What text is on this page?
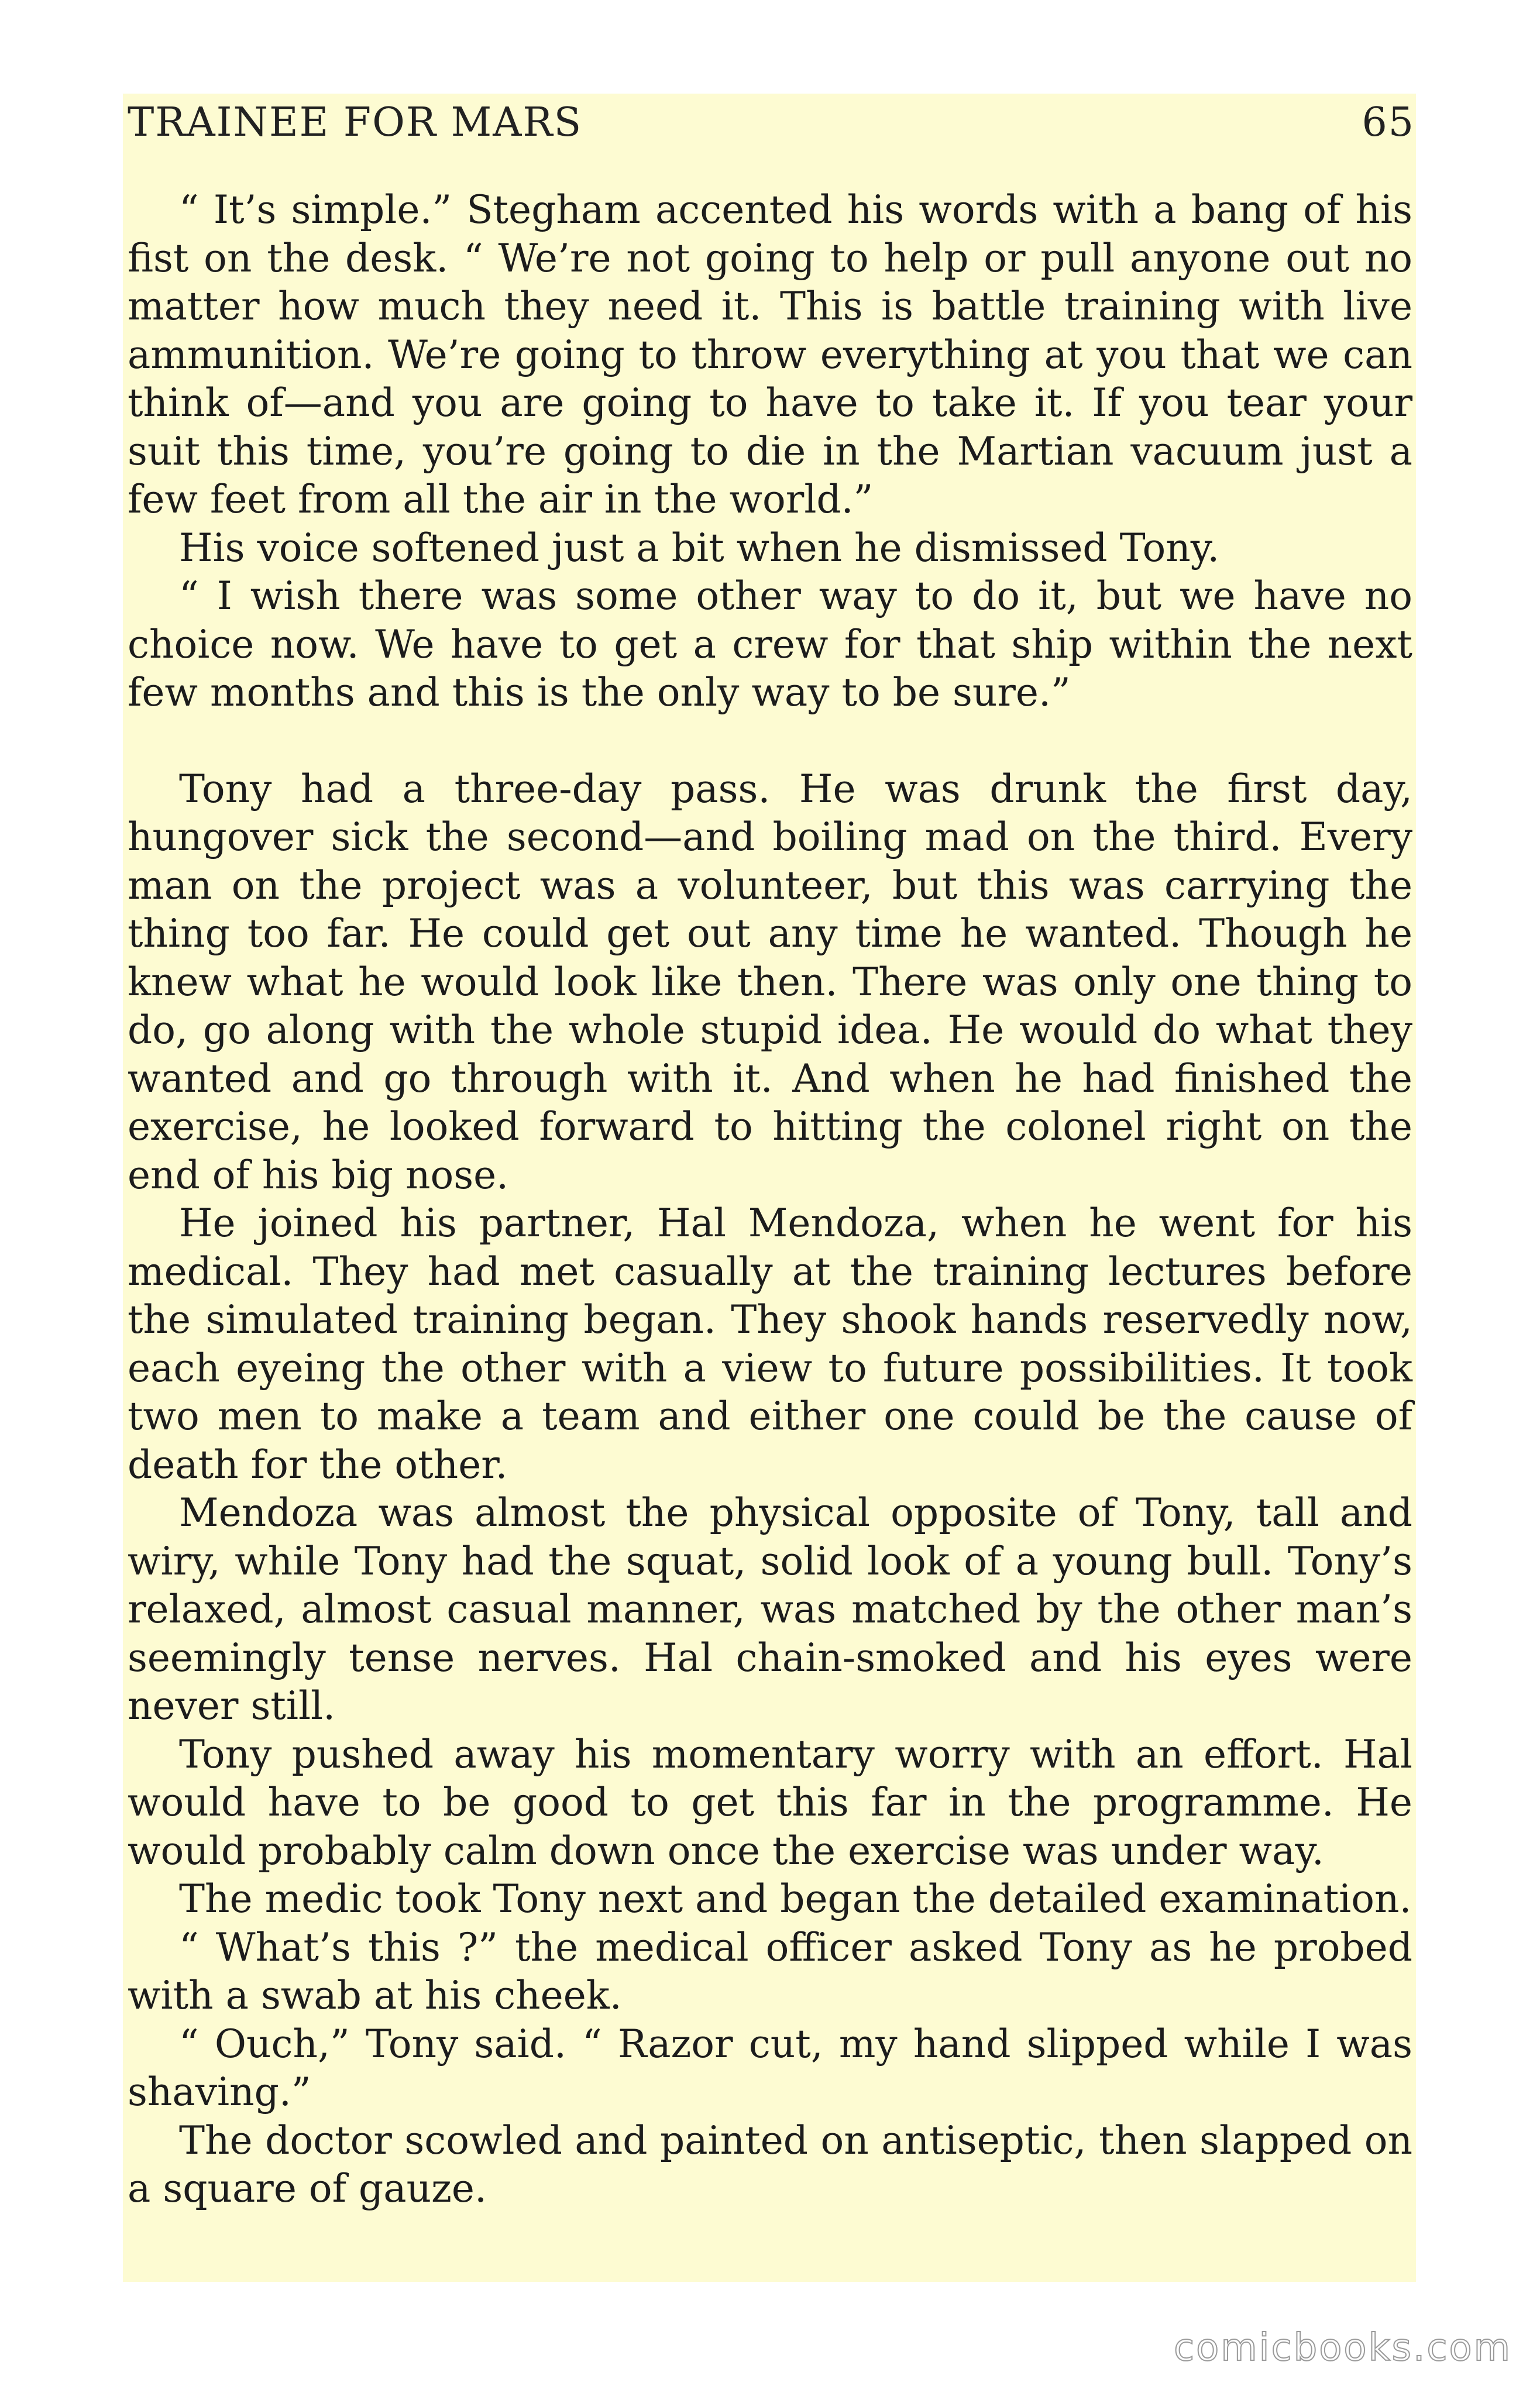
TRAINEE FOR MARS	65

“ It’s simple.” Stegham accented his words with a bang of his fist on the desk. “ We’re not going to help or pull anyone out no matter how much they need it. This is battle training with live ammunition. We’re going to throw everything at you that we can think of—and you are going to have to take it. If you tear your suit this time, you’re going to die in the Martian vacuum just a few feet from all the air in the world.”

His voice softened just a bit when he dismissed Tony.

“ I wish there was some other way to do it, but we have no choice now. We have to get a crew for that ship within the next few months and this is the only way to be sure.”

Tony had a three-day pass. He was drunk the first day, hungover sick the second—and boiling mad on the third. Every man on the project was a volunteer, but this was carrying the thing too far. He could get out any time he wanted. Though he knew what he would look like then. There was only one thing to do, go along with the whole stupid idea. He would do what they wanted and go through with it. And when he had finished the exercise, he looked forward to hitting the colonel right on the end of his big nose.

He joined his partner, Hal Mendoza, when he went for his medical. They had met casually at the training lectures before the simulated training began. They shook hands reservedly now, each eyeing the other with a view to future possibilities. It took two men to make a team and either one could be the cause of death for the other.

Mendoza was almost the physical opposite of Tony, tall and wiry, while Tony had the squat, solid look of a young bull. Tony’s relaxed, almost casual manner, was matched by the other man’s seemingly tense nerves. Hal chain-smoked and his eyes were never still.

Tony pushed away his momentary worry with an effort. Hal would have to be good to get this far in the programme. He would probably calm down once the exercise was under way.

The medic took Tony next and began the detailed examination.

“ What’s this ?” the medical officer asked Tony as he probed with a swab at his cheek.

“ Ouch,” Tony said. “ Razor cut, my hand slipped while I was shaving.”

The doctor scowled and painted on antiseptic, then slapped on a square of gauze.

comicbooks.com
